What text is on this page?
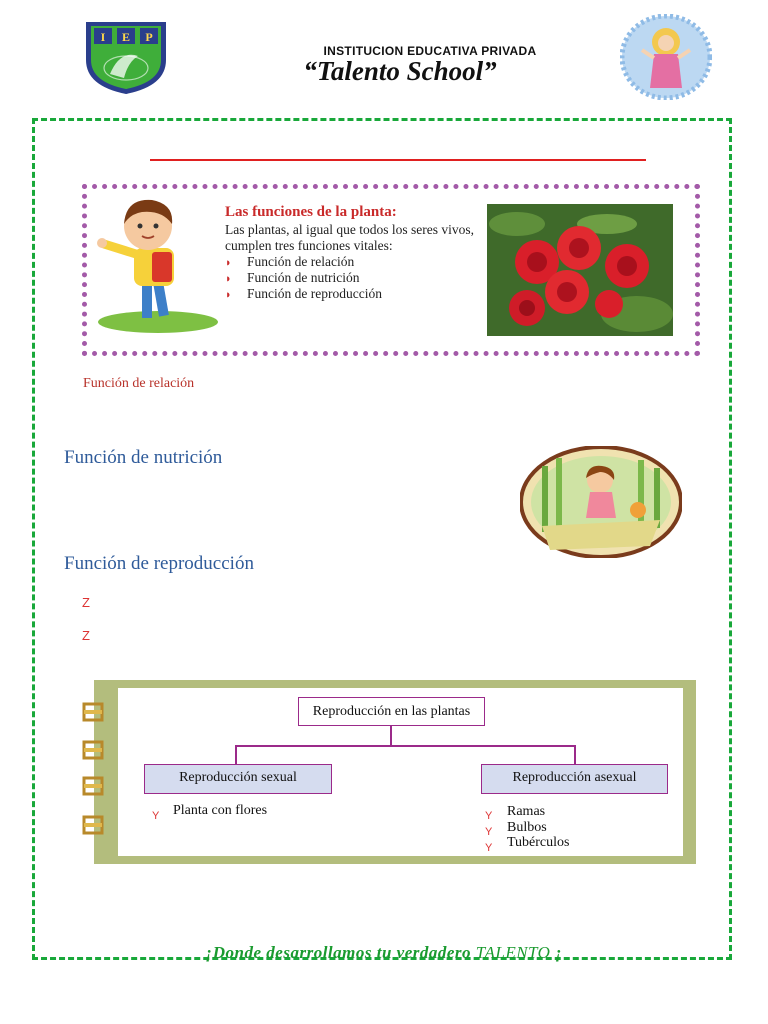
I E P
INSTITUCION EDUCATIVA PRIVADA
“Talento School”
Las funciones de la planta:
Las plantas, al igual que todos los seres vivos, cumplen tres funciones vitales:
◗ Función de relación
◗ Función de nutrición
◗ Función de reproducción
Función de relación
Función de nutrición
Función de reproducción
Z
Z
Reproducción en las plantas
Reproducción sexual	Reproducción asexual
Y Planta con flores	Y Ramas
Y Bulbos
Y Tubérculos
¡Donde desarrollamos tu verdadero TALENTO ¡
